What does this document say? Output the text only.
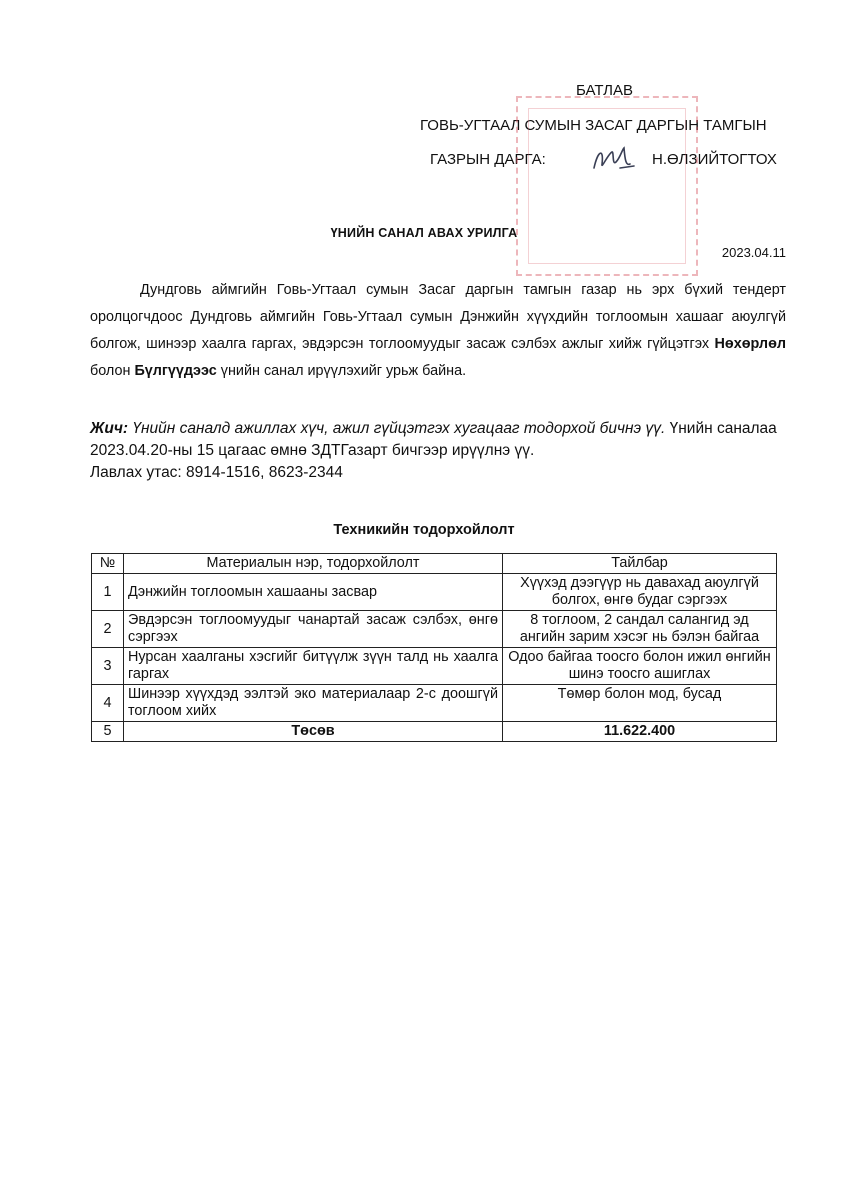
БАТЛАВ
ГОВЬ-УГТААЛ СУМЫН ЗАСАГ ДАРГЫН ТАМГЫН
ГАЗРЫН ДАРГА:	Н.ӨЛЗИЙТОГТОХ
ҮНИЙН САНАЛ АВАХ УРИЛГА
2023.04.11
Дундговь аймгийн Говь-Угтаал сумын Засаг даргын тамгын газар нь эрх бүхий тендерт оролцогчдоос Дундговь аймгийн Говь-Угтаал сумын Дэнжийн хүүхдийн тоглоомын хашааг аюулгүй болгож, шинээр хаалга гаргах, эвдэрсэн тоглоомуудыг засаж сэлбэх ажлыг хийж гүйцэтгэх Нөхөрлөл болон Бүлгүүдээс үнийн санал ирүүлэхийг урьж байна.
Жич: Үнийн саналд ажиллах хүч, ажил гүйцэтгэх хугацааг тодорхой бичнэ үү. Үнийн саналаа 2023.04.20-ны 15 цагаас өмнө ЗДТГазарт бичгээр ирүүлнэ үү.
Лавлах утас: 8914-1516, 8623-2344
Техникийн тодорхойлолт
№	Материалын нэр, тодорхойлолт	Тайлбар
1	Дэнжийн тоглоомын хашааны засвар	Хүүхэд дээгүүр нь давахад аюулгүй болгох, өнгө будаг сэргээх
2	Эвдэрсэн тоглоомуудыг чанартай засаж сэлбэх, өнгө сэргээх	8 тоглоом, 2 сандал салангид эд ангийн зарим хэсэг нь бэлэн байгаа
3	Нурсан хаалганы хэсгийг битүүлж зүүн талд нь хаалга гаргах	Одоо байгаа тоосго болон ижил өнгийн шинэ тоосго ашиглах
4	Шинээр хүүхдэд ээлтэй эко материалаар 2-с доошгүй тоглоом хийх	Төмөр болон мод, бусад
5	Төсөв	11.622.400
